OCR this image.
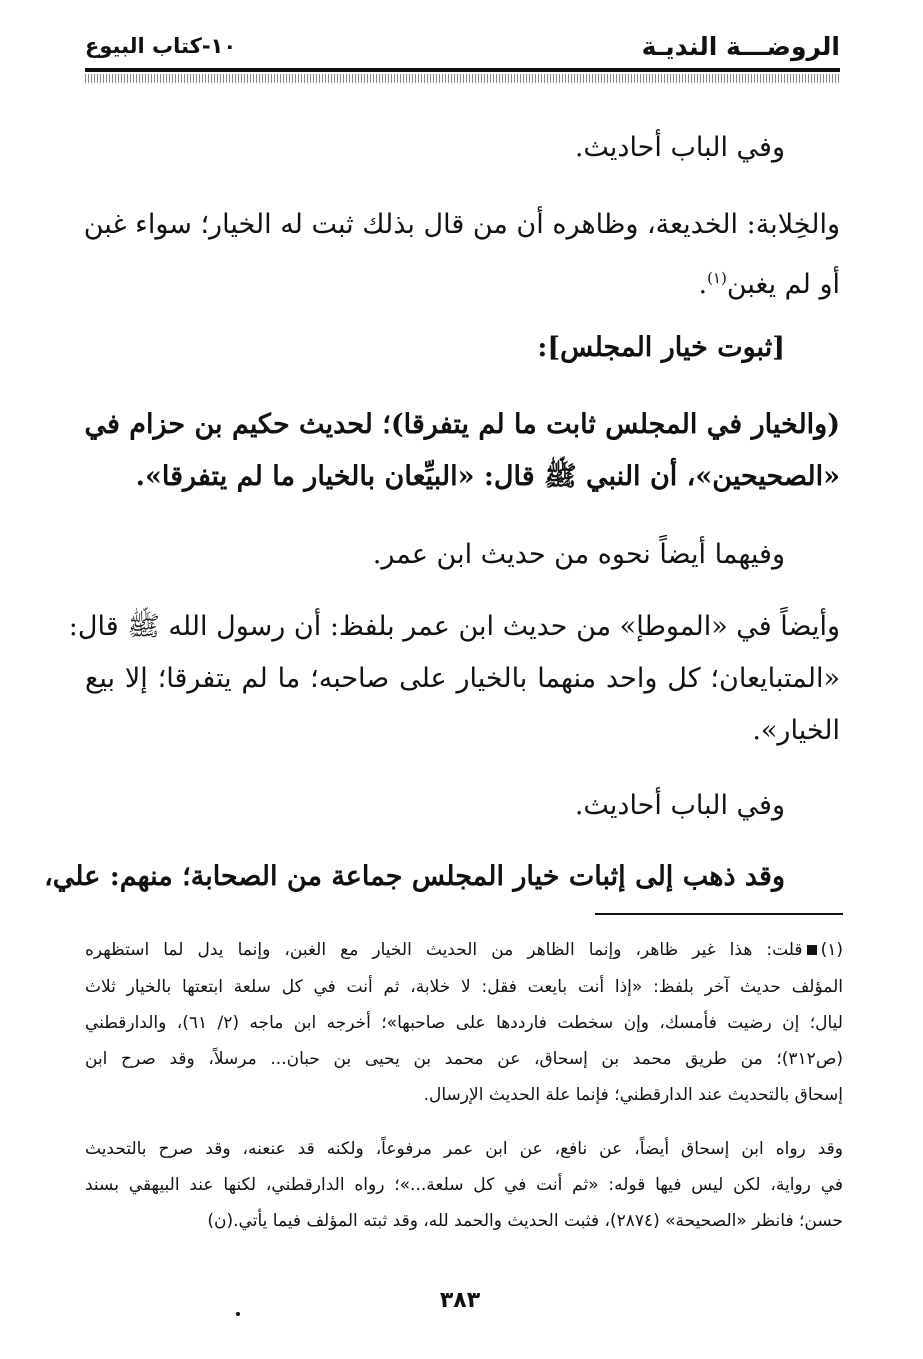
الروضـــة النديـة
١٠-كتاب البيوع
وفي الباب أحاديث.
والخِلابة: الخديعة، وظاهره أن من قال بذلك ثبت له الخيار؛ سواء غبن
أو لم يغبن$^{(١)}$.
[ثبوت خيار المجلس]:
(والخيار في المجلس ثابت ما لم يتفرقا)؛ لحديث حكيم بن حزام في
«الصحيحين»، أن النبي ﷺ قال: «البيِّعان بالخيار ما لم يتفرقا».
وفيهما أيضاً نحوه من حديث ابن عمر.
وأيضاً في «الموطإ» من حديث ابن عمر بلفظ: أن رسول الله ﷺ قال:
«المتبايعان؛ كل واحد منهما بالخيار على صاحبه؛ ما لم يتفرقا؛ إلا بيع
الخيار».
وفي الباب أحاديث.
وقد ذهب إلى إثبات خيار المجلس جماعة من الصحابة؛ منهم: علي،
(١)قلت: هذا غير ظاهر، وإنما الظاهر من الحديث الخيار مع الغبن، وإنما يدل لما استظهره
المؤلف حديث آخر بلفظ: «إذا أنت بايعت فقل: لا خلابة، ثم أنت في كل سلعة ابتعتها بالخيار ثلاث
ليال؛ إن رضيت فأمسك، وإن سخطت فارددها على صاحبها»؛ أخرجه ابن ماجه (٢/ ٦١)، والدارقطني
(ص٣١٢)؛ من طريق محمد بن إسحاق، عن محمد بن يحيى بن حبان... مرسلاً، وقد صرح ابن
إسحاق بالتحديث عند الدارقطني؛ فإنما علة الحديث الإرسال.
وقد رواه ابن إسحاق أيضاً، عن نافع، عن ابن عمر مرفوعاً، ولكنه قد عنعنه، وقد صرح بالتحديث
في رواية، لكن ليس فيها قوله: «ثم أنت في كل سلعة...»؛ رواه الدارقطني، لكنها عند البيهقي بسند
حسن؛ فانظر «الصحيحة» (٢٨٧٤)، فثبت الحديث والحمد لله، وقد ثبته المؤلف فيما يأتي.(ن)
٣٨٣
